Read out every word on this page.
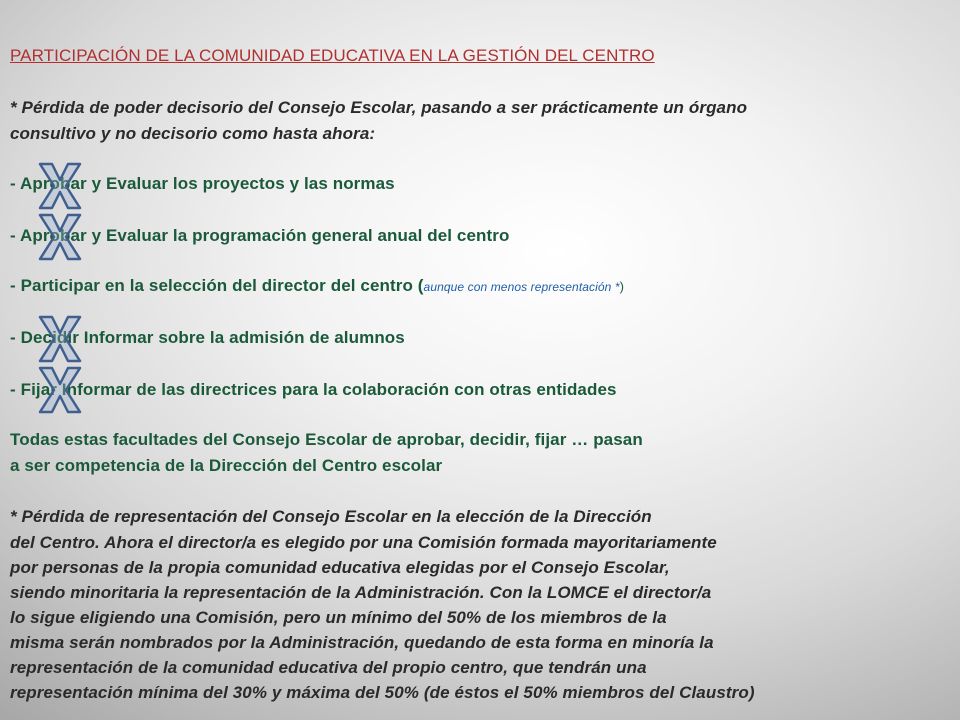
PARTICIPACIÓN DE LA COMUNIDAD EDUCATIVA EN LA GESTIÓN DEL CENTRO
* Pérdida de poder decisorio del Consejo Escolar, pasando a ser prácticamente un órgano
consultivo y no decisorio como hasta ahora:
- Aprobar y Evaluar los proyectos y las normas
- Aprobar y Evaluar la programación general anual del centro
- Participar en la selección del director del centro (aunque con menos representación *)
- Decidir Informar sobre la admisión de alumnos
- Fijar Informar de las directrices para la colaboración con otras entidades
Todas estas facultades del Consejo Escolar de aprobar, decidir, fijar … pasan
a ser competencia de la Dirección del Centro escolar
* Pérdida de representación del Consejo Escolar en la elección de la Dirección
del Centro. Ahora el director/a es elegido por una Comisión formada mayoritariamente
por personas de la propia comunidad educativa elegidas por el Consejo Escolar,
siendo minoritaria la representación de la Administración. Con la LOMCE el director/a
lo sigue eligiendo una Comisión, pero un mínimo del 50% de los miembros de la
misma serán nombrados por la Administración, quedando de esta forma en minoría la
representación de la comunidad educativa del propio centro, que tendrán una
representación mínima del 30% y máxima del 50% (de éstos el 50% miembros del Claustro)
